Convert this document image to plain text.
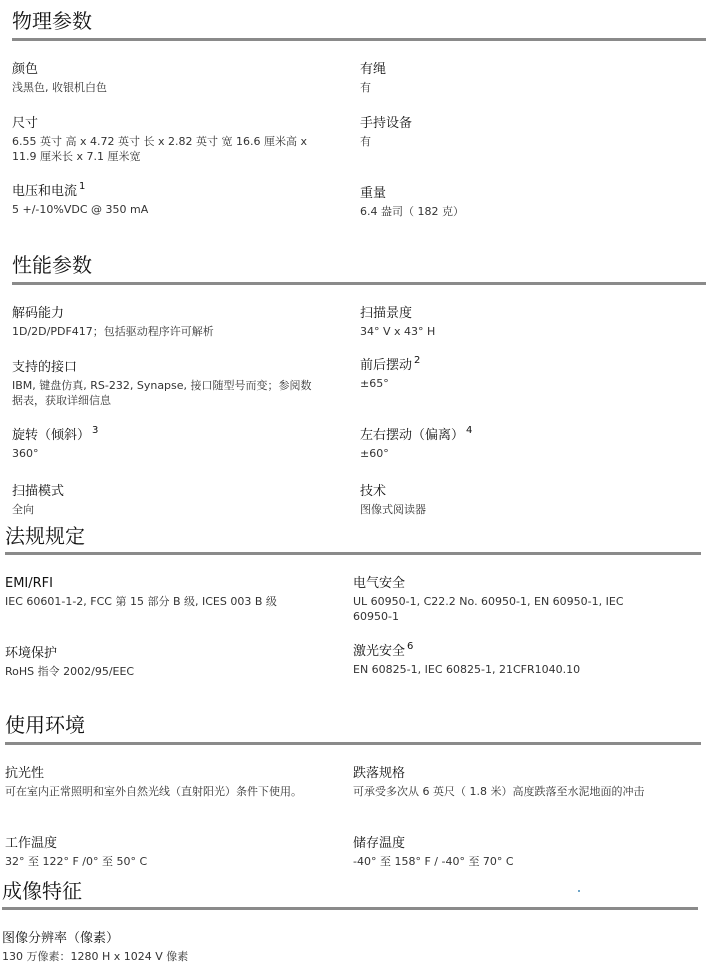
物理参数
颜色
浅黑色, 收银机白色
有绳
有
尺寸
6.55 英寸 高 x 4.72 英寸 长 x 2.82 英寸 宽 16.6 厘米高 x 11.9 厘米长 x 7.1 厘米宽
手持设备
有
电压和电流 $^1$
5 +/-10%VDC @ 350 mA
重量
6.4 盎司（ 182 克）
性能参数
解码能力
1D/2D/PDF417；包括驱动程序许可解析
扫描景度
34° V x 43° H
支持的接口
IBM, 键盘仿真, RS-232, Synapse, 接口随型号而变；参阅数据表，获取详细信息
前后摆动 $^2$
±65°
旋转（倾斜） $^3$
360°
左右摆动（偏离） $^4$
±60°
扫描模式
全向
技术
图像式阅读器
法规规定
EMI/RFI
IEC 60601-1-2, FCC 第 15 部分 B 级, ICES 003 B 级
电气安全
UL 60950-1, C22.2 No. 60950-1, EN 60950-1, IEC 60950-1
环境保护
RoHS 指令 2002/95/EEC
激光安全 $^6$
EN 60825-1, IEC 60825-1, 21CFR1040.10
使用环境
抗光性
可在室内正常照明和室外自然光线（直射阳光）条件下使用。
跌落规格
可承受多次从 6 英尺（ 1.8 米）高度跌落至水泥地面的冲击
工作温度
32° 至 122° F /0° 至 50° C
储存温度
-40° 至 158° F / -40° 至 70° C
成像特征
图像分辨率（像素）
130 万像素：1280 H x 1024 V 像素
